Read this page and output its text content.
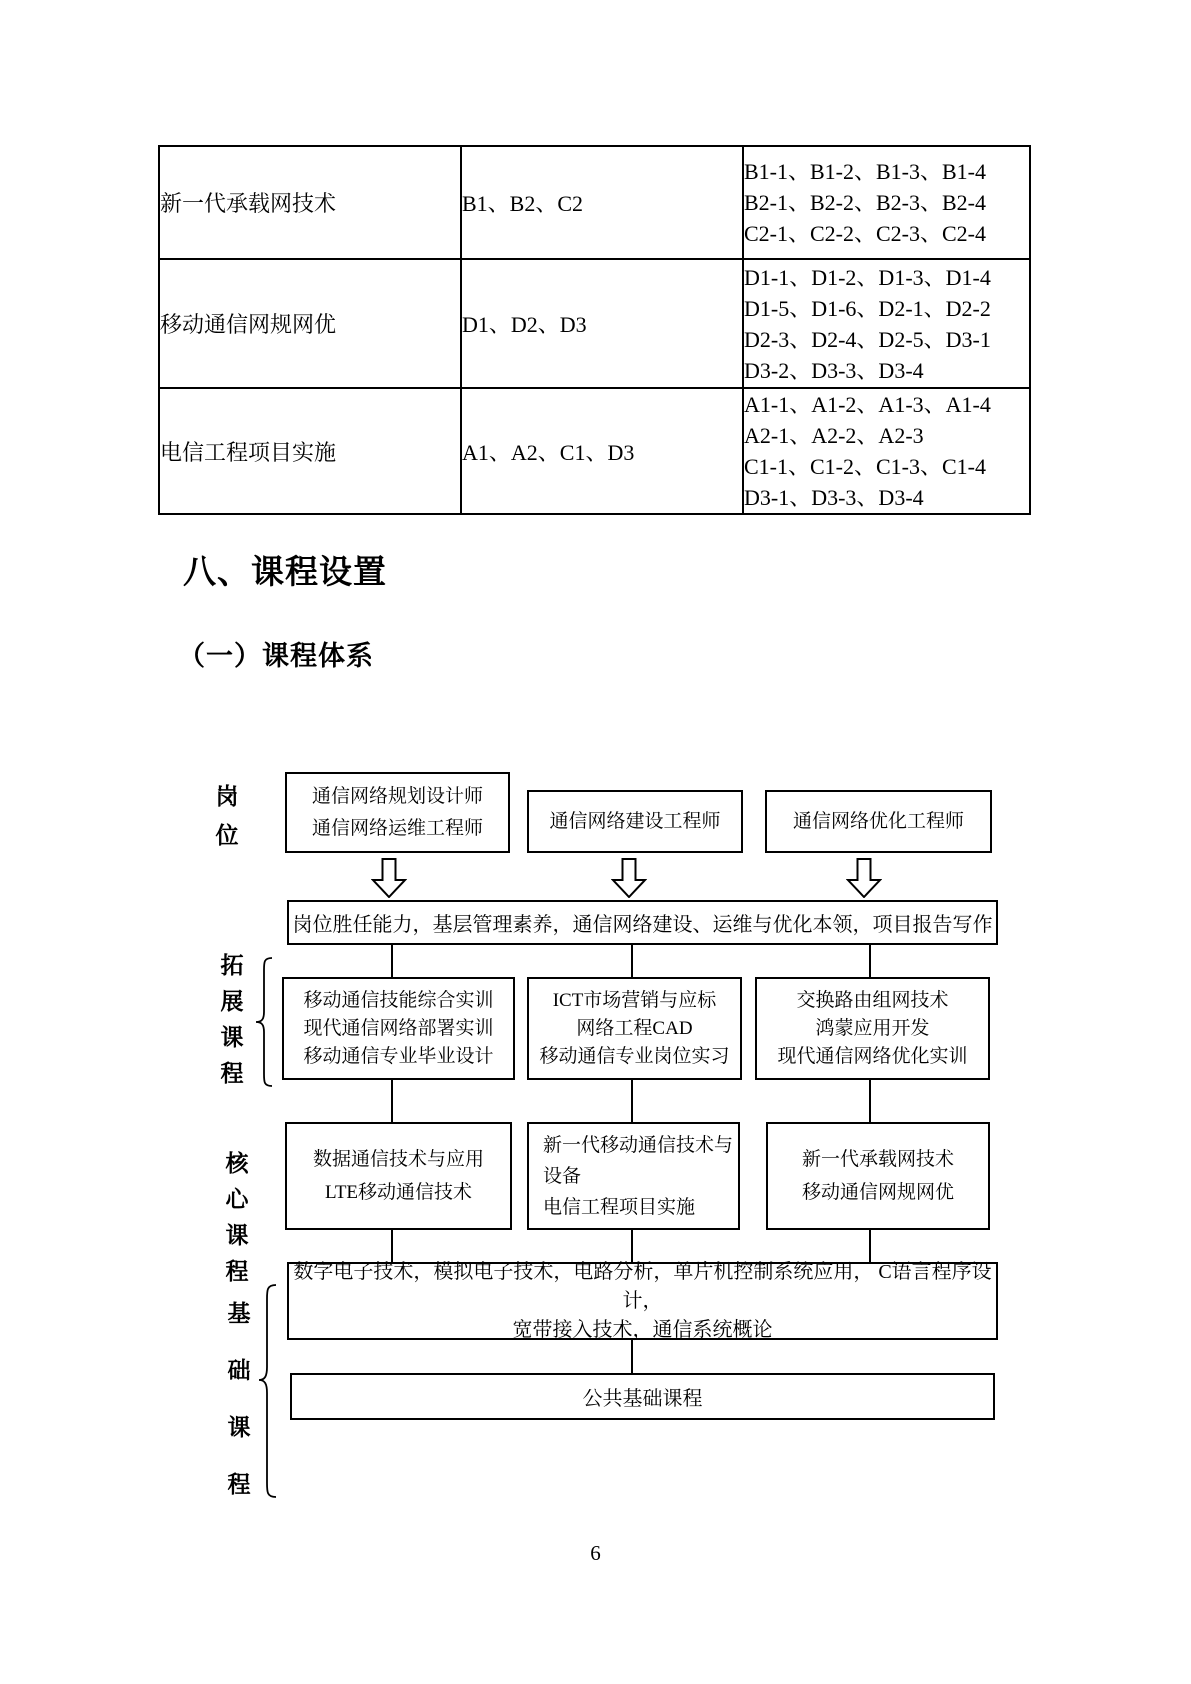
新一代承载网技术	B1、B2、C2	B1-1、B1-2、B1-3、B1-4
B2-1、B2-2、B2-3、B2-4
C2-1、C2-2、C2-3、C2-4

移动通信网规网优	D1、D2、D3	D1-1、D1-2、D1-3、D1-4
D1-5、D1-6、D2-1、D2-2
D2-3、D2-4、D2-5、D3-1
D3-2、D3-3、D3-4

电信工程项目实施	A1、A2、C1、D3	A1-1、A1-2、A1-3、A1-4
A2-1、A2-2、A2-3
C1-1、C1-2、C1-3、C1-4
D3-1、D3-3、D3-4
八、课程设置
（一）课程体系
岗
位
拓
展
课
程
核
心
课
程
基
础
课
程
通信网络规划设计师
通信网络运维工程师	通信网络建设工程师	通信网络优化工程师
岗位胜任能力，基层管理素养，通信网络建设、运维与优化本领，项目报告写作
移动通信技能综合实训
现代通信网络部署实训
移动通信专业毕业设计
ICT市场营销与应标
网络工程CAD
移动通信专业岗位实习
交换路由组网技术
鸿蒙应用开发
现代通信网络优化实训
数据通信技术与应用
LTE移动通信技术
新一代移动通信技术与
设备
电信工程项目实施
新一代承载网技术
移动通信网规网优
数字电子技术，模拟电子技术，电路分析，单片机控制系统应用， C语言程序设计，
宽带接入技术，通信系统概论
公共基础课程
6
